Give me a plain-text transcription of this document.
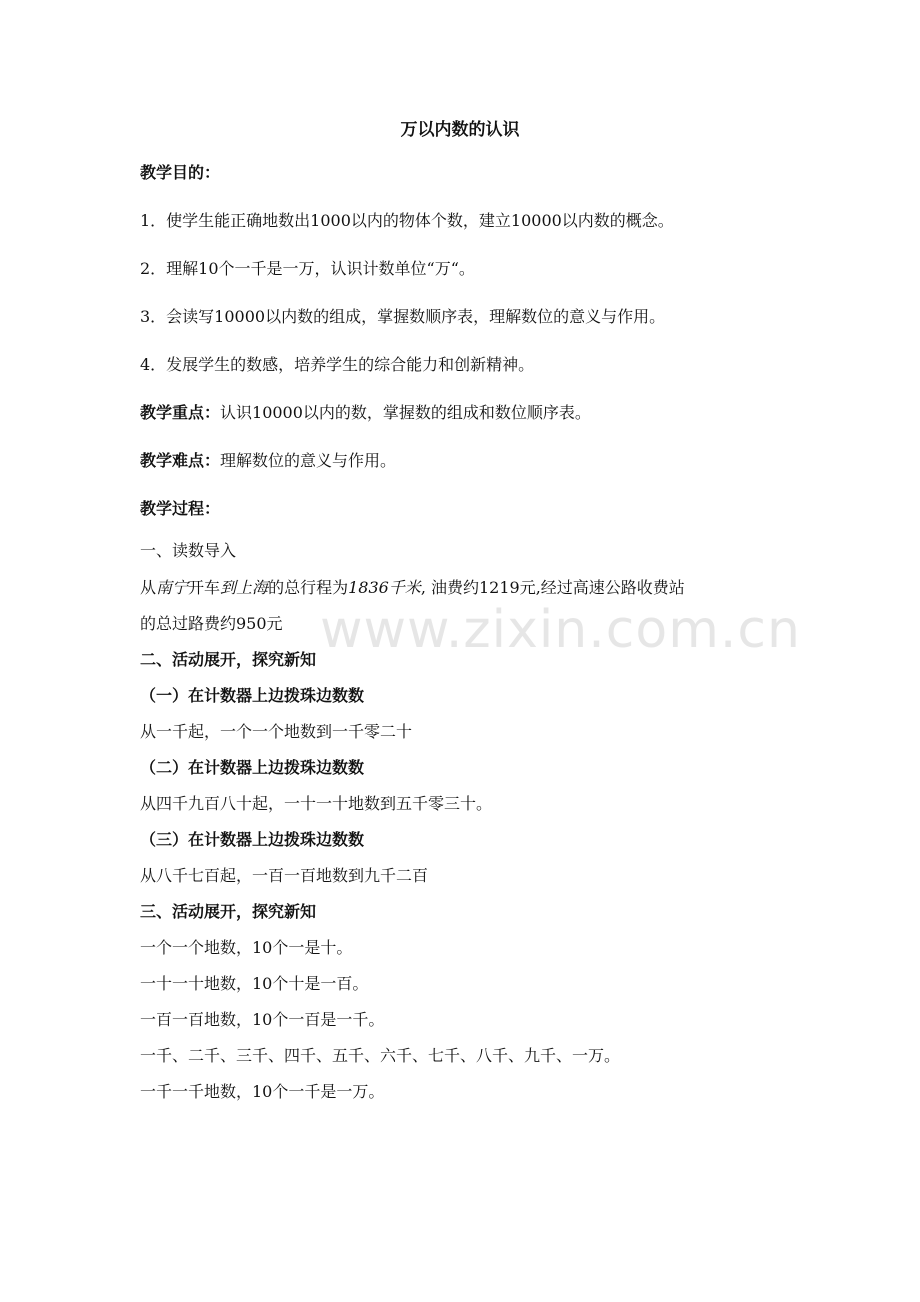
www.zixin.com.cn
万以内数的认识
教学目的：
1．使学生能正确地数出1000以内的物体个数，建立10000以内数的概念。
2．理解10个一千是一万，认识计数单位“万“。
3．会读写10000以内数的组成，掌握数顺序表，理解数位的意义与作用。
4．发展学生的数感，培养学生的综合能力和创新精神。
教学重点：认识10000以内的数，掌握数的组成和数位顺序表。
教学难点：理解数位的意义与作用。
教学过程：
一、读数导入
从南宁开车到上海的总行程为1836千米, 油费约1219元,经过高速公路收费站
的总过路费约950元
二、活动展开，探究新知
（一）在计数器上边拨珠边数数
从一千起，一个一个地数到一千零二十
（二）在计数器上边拨珠边数数
从四千九百八十起，一十一十地数到五千零三十。
（三）在计数器上边拨珠边数数
从八千七百起，一百一百地数到九千二百
三、活动展开，探究新知
一个一个地数，10个一是十。
一十一十地数，10个十是一百。
一百一百地数，10个一百是一千。
一千、二千、三千、四千、五千、六千、七千、八千、九千、一万。
一千一千地数，10个一千是一万。
